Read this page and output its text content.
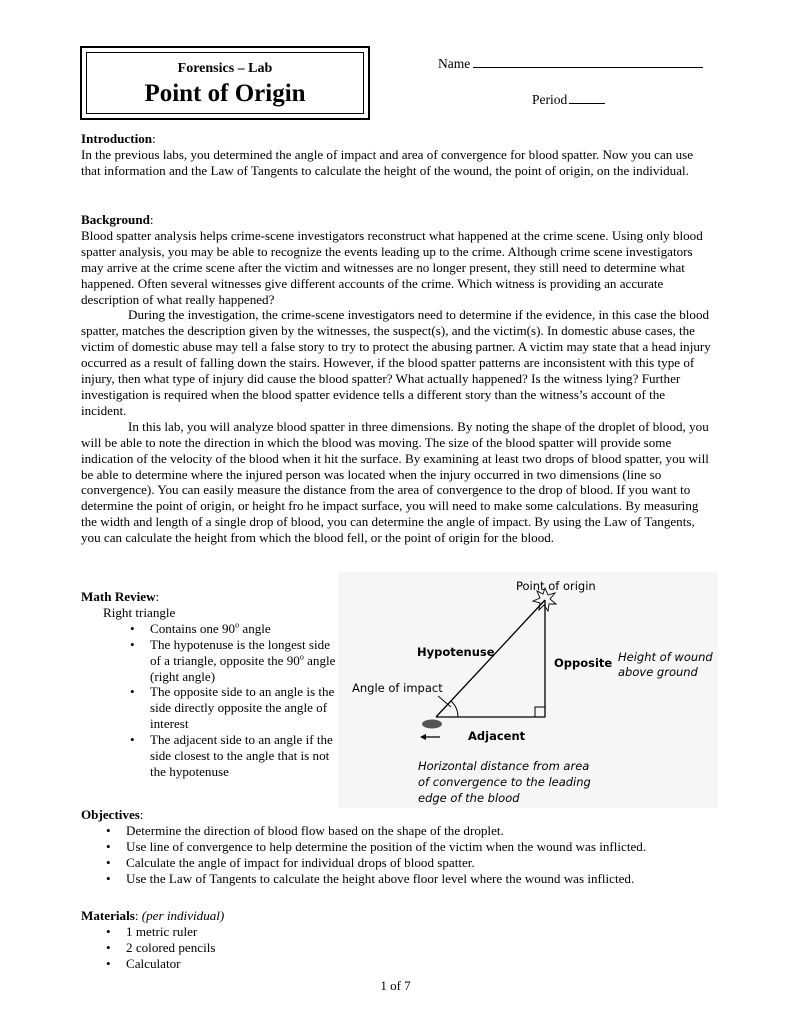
Forensics – Lab
Point of Origin
Name
Period

Introduction:

In the previous labs, you determined the angle of impact and area of convergence for blood spatter. Now you can use that information and the Law of Tangents to calculate the height of the wound, the point of origin, on the individual.

Background:

Blood spatter analysis helps crime-scene investigators reconstruct what happened at the crime scene. Using only blood spatter analysis, you may be able to recognize the events leading up to the crime. Although crime scene investigators may arrive at the crime scene after the victim and witnesses are no longer present, they still need to determine what happened. Often several witnesses give different accounts of the crime. Which witness is providing an accurate description of what really happened?

During the investigation, the crime-scene investigators need to determine if the evidence, in this case the blood spatter, matches the description given by the witnesses, the suspect(s), and the victim(s). In domestic abuse cases, the victim of domestic abuse may tell a false story to try to protect the abusing partner. A victim may state that a head injury occurred as a result of falling down the stairs. However, if the blood spatter patterns are inconsistent with this type of injury, then what type of injury did cause the blood spatter? What actually happened? Is the witness lying? Further investigation is required when the blood spatter evidence tells a different story than the witness’s account of the incident.

In this lab, you will analyze blood spatter in three dimensions. By noting the shape of the droplet of blood, you will be able to note the direction in which the blood was moving. The size of the blood spatter will provide some indication of the velocity of the blood when it hit the surface. By examining at least two drops of blood spatter, you will be able to determine where the injured person was located when the injury occurred in two dimensions (line so convergence). You can easily measure the distance from the area of convergence to the drop of blood. If you want to determine the point of origin, or height fro he impact surface, you will need to make some calculations. By measuring the width and length of a single drop of blood, you can determine the angle of impact. By using the Law of Tangents, you can calculate the height from which the blood fell, or the point of origin for the blood.

Math Review:

Right triangle

• Contains one 90$^o$ angle
• The hypotenuse is the longest side of a triangle, opposite the 90$^o$ angle (right angle)
• The opposite side to an angle is the side directly opposite the angle of interest
• The adjacent side to an angle if the side closest to the angle that is not the hypotenuse
Point of origin
Hypotenuse
Opposite Height of wound
above ground
Angle of impact
Adjacent
Horizontal distance from area
of convergence to the leading
edge of the blood

Objectives:

• Determine the direction of blood flow based on the shape of the droplet.
• Use line of convergence to help determine the position of the victim when the wound was inflicted.
• Calculate the angle of impact for individual drops of blood spatter.
• Use the Law of Tangents to calculate the height above floor level where the wound was inflicted.

Materials: (per individual)

• 1 metric ruler
• 2 colored pencils
• Calculator
1 of 7
